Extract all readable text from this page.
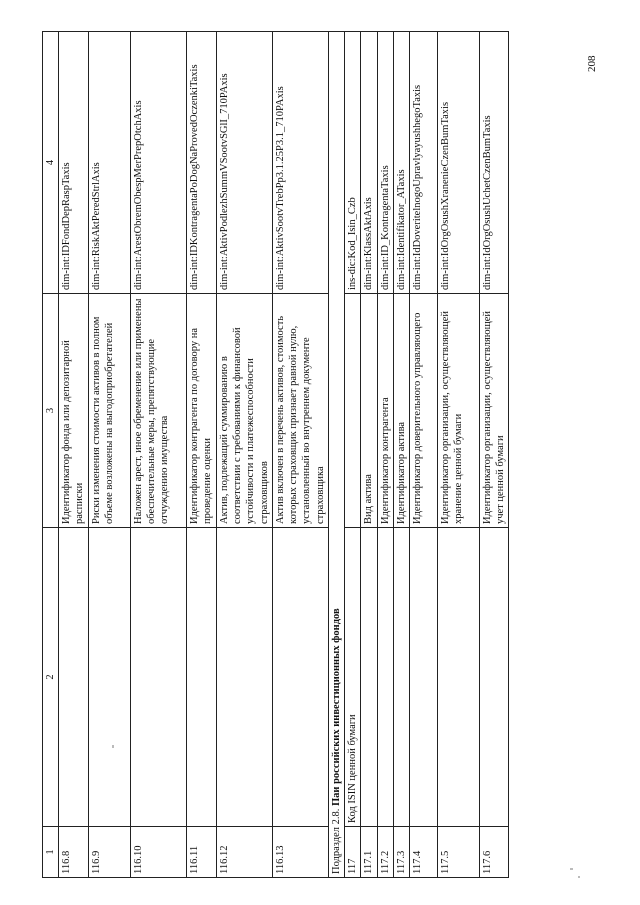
1	2	3	4
116.8		Идентификатор фонда или депозитарной расписки	dim-int:IDFondDepRaspTaxis
116.9		Риски изменения стоимости активов в полном объеме возложены на выгодоприобретателей	dim-int:RiskAktPeredStrlAxis
116.10		Наложен арест, иное обременение или применены обеспечительные меры, препятствующие отчуждению имущества	dim-int:ArestObremObespMerPrepOtchAxis
116.11		Идентификатор контрагента по договору на проведение оценки	dim-int:IDKontragentaPoDogNaProvedOczenkiTaxis
116.12		Актив, подлежащий суммированию в соответствии с требованиями к финансовой устойчивости и платежеспособности страховщиков	dim-int:AktivPodlezhSummVSootvSGlI_710PAxis
116.13		Актив включен в перечень активов, стоимость которых страховщик признает равной нулю, установленный во внутреннем документе страховщика	dim-int:AktivSootvTrebPp3.1.25P3.1_710PAxis
Подраздел 2.8. Паи российских инвестиционных фондов			
117	Код ISIN ценной бумаги		ins-dic:Kod_Isin_Czb
117.1		Вид актива	dim-int:KlassAktAxis
117.2		Идентификатор контрагента	dim-int:ID_KontragentaTaxis
117.3		Идентификатор актива	dim-int:Identifikator_ATaxis
117.4		Идентификатор доверительного управляющего	dim-int:IdDoveritelnogoUpravlyayushhegoTaxis
117.5		Идентификатор организации, осуществляющей хранение ценной бумаги	dim-int:IdOrgOsushXranenieCzenBumTaxis
117.6		Идентификатор организации, осуществляющей учет ценной бумаги	dim-int:IdOrgOsushUchetCzenBumTaxis
208
